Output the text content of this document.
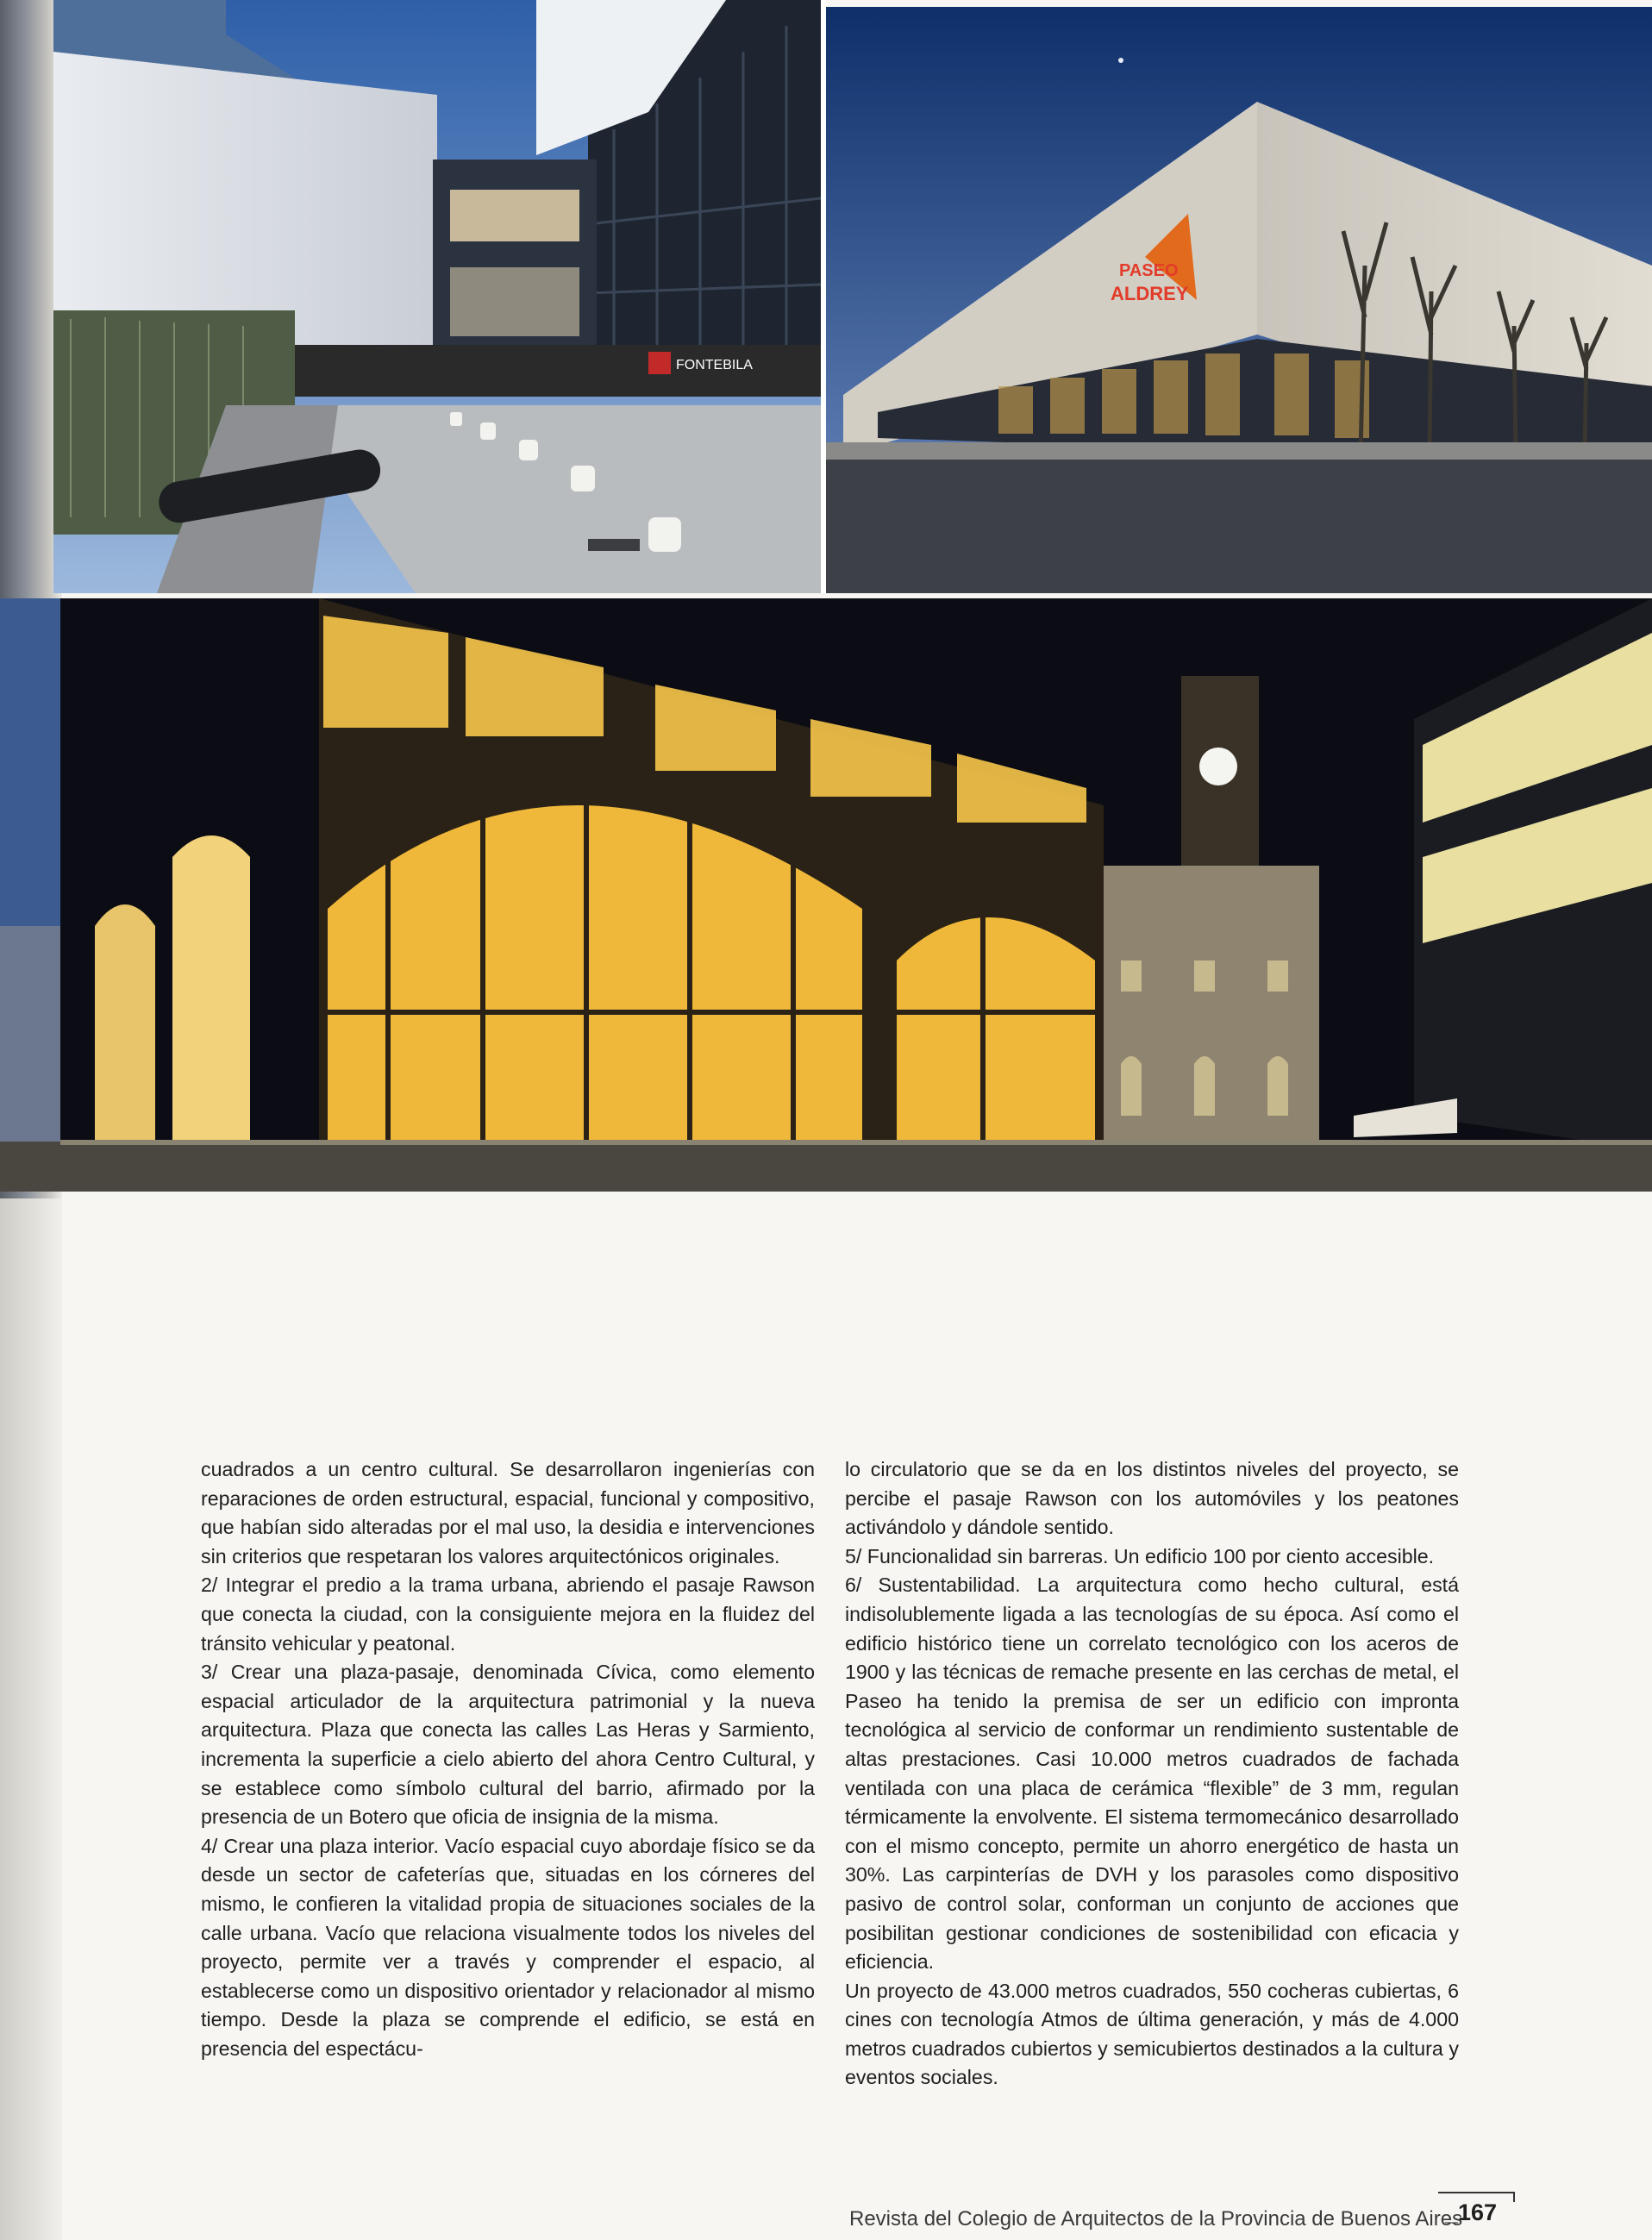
FONTEBILA
PASEO
ALDREY

cuadrados a un centro cultural. Se desarrollaron ingenierías con reparaciones de orden estructural, espacial, funcional y compositivo, que habían sido alteradas por el mal uso, la desidia e intervenciones sin criterios que respetaran los valores arquitectónicos originales.

2/ Integrar el predio a la trama urbana, abriendo el pasaje Rawson que conecta la ciudad, con la consiguiente mejora en la fluidez del tránsito vehicular y peatonal.

3/ Crear una plaza-pasaje, denominada Cívica, como elemento espacial articulador de la arquitectura patrimonial y la nueva arquitectura. Plaza que conecta las calles Las Heras y Sarmiento, incrementa la superficie a cielo abierto del ahora Centro Cultural, y se establece como símbolo cultural del barrio, afirmado por la presencia de un Botero que oficia de insignia de la misma.

4/ Crear una plaza interior. Vacío espacial cuyo abordaje físico se da desde un sector de cafeterías que, situadas en los córneres del mismo, le confieren la vitalidad propia de situaciones sociales de la calle urbana. Vacío que relaciona visualmente todos los niveles del proyecto, permite ver a través y comprender el espacio, al establecerse como un dispositivo orientador y relacionador al mismo tiempo. Desde la plaza se comprende el edificio, se está en presencia del espectácu-

lo circulatorio que se da en los distintos niveles del proyecto, se percibe el pasaje Rawson con los automóviles y los peatones activándolo y dándole sentido.

5/ Funcionalidad sin barreras. Un edificio 100 por ciento accesible.

6/ Sustentabilidad. La arquitectura como hecho cultural, está indisolublemente ligada a las tecnologías de su época. Así como el edificio histórico tiene un correlato tecnológico con los aceros de 1900 y las técnicas de remache presente en las cerchas de metal, el Paseo ha tenido la premisa de ser un edificio con impronta tecnológica al servicio de conformar un rendimiento sustentable de altas prestaciones. Casi 10.000 metros cuadrados de fachada ventilada con una placa de cerámica “flexible” de 3 mm, regulan térmicamente la envolvente. El sistema termomecánico desarrollado con el mismo concepto, permite un ahorro energético de hasta un 30%. Las carpinterías de DVH y los parasoles como dispositivo pasivo de control solar, conforman un conjunto de acciones que posibilitan gestionar condiciones de sostenibilidad con eficacia y eficiencia.

Un proyecto de 43.000 metros cuadrados, 550 cocheras cubiertas, 6 cines con tecnología Atmos de última generación, y más de 4.000 metros cuadrados cubiertos y semicubiertos destinados a la cultura y eventos sociales.

Revista del Colegio de Arquitectos de la Provincia de Buenos Aires
_167
